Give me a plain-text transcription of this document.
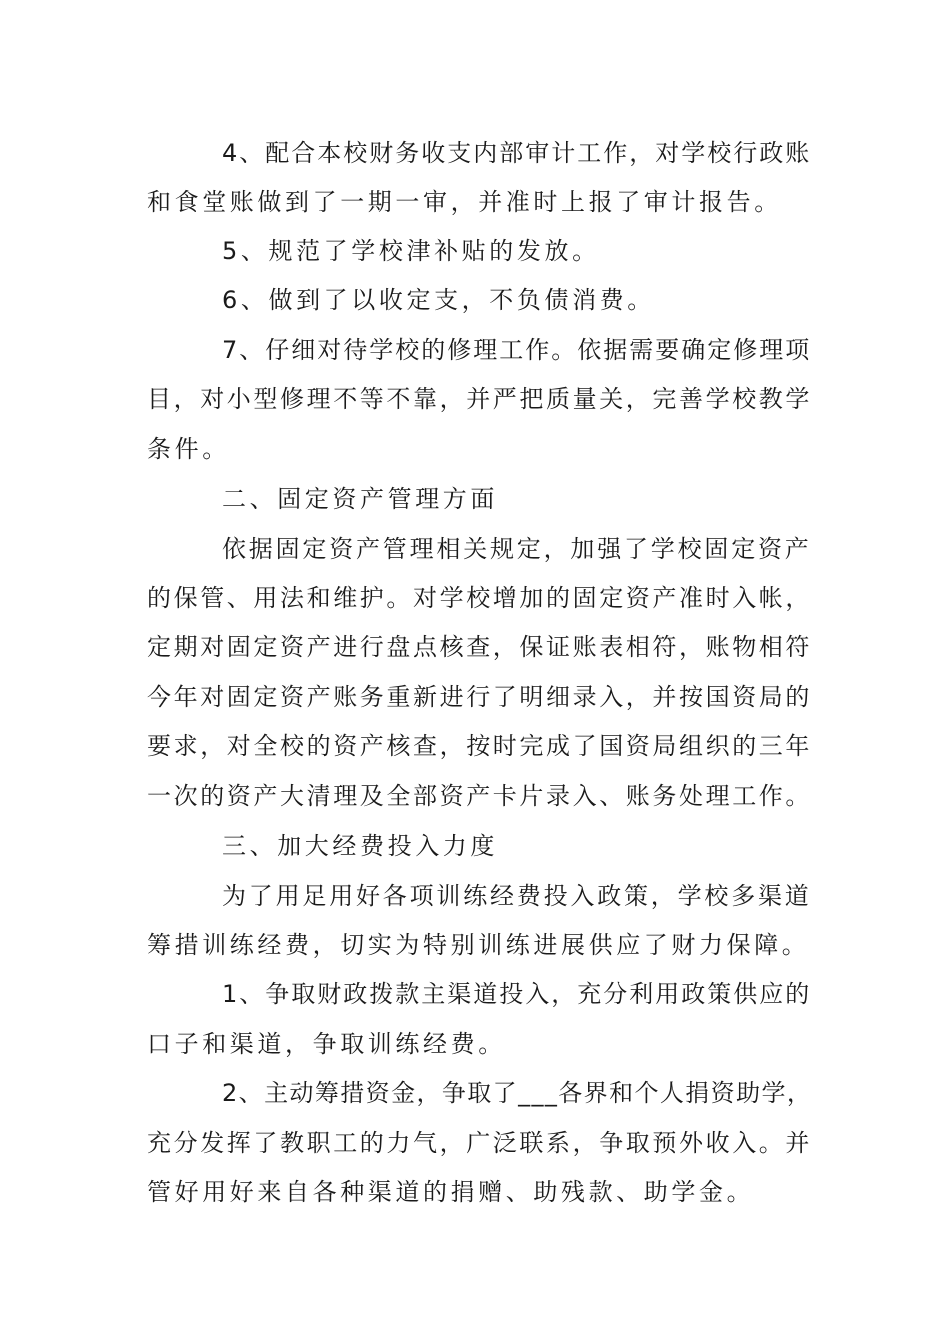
4、配合本校财务收支内部审计工作，对学校行政账

和食堂账做到了一期一审，并准时上报了审计报告。

5、规范了学校津补贴的发放。

6、做到了以收定支，不负债消费。

7、仔细对待学校的修理工作。依据需要确定修理项

目，对小型修理不等不靠，并严把质量关，完善学校教学

条件。

二、固定资产管理方面

依据固定资产管理相关规定，加强了学校固定资产

的保管、用法和维护。对学校增加的固定资产准时入帐，

定期对固定资产进行盘点核查，保证账表相符，账物相符

今年对固定资产账务重新进行了明细录入，并按国资局的

要求，对全校的资产核查，按时完成了国资局组织的三年

一次的资产大清理及全部资产卡片录入、账务处理工作。

三、加大经费投入力度

为了用足用好各项训练经费投入政策，学校多渠道

筹措训练经费，切实为特别训练进展供应了财力保障。

1、争取财政拨款主渠道投入，充分利用政策供应的

口子和渠道，争取训练经费。

2、主动筹措资金，争取了___各界和个人捐资助学，

充分发挥了教职工的力气，广泛联系，争取预外收入。并

管好用好来自各种渠道的捐赠、助残款、助学金。
